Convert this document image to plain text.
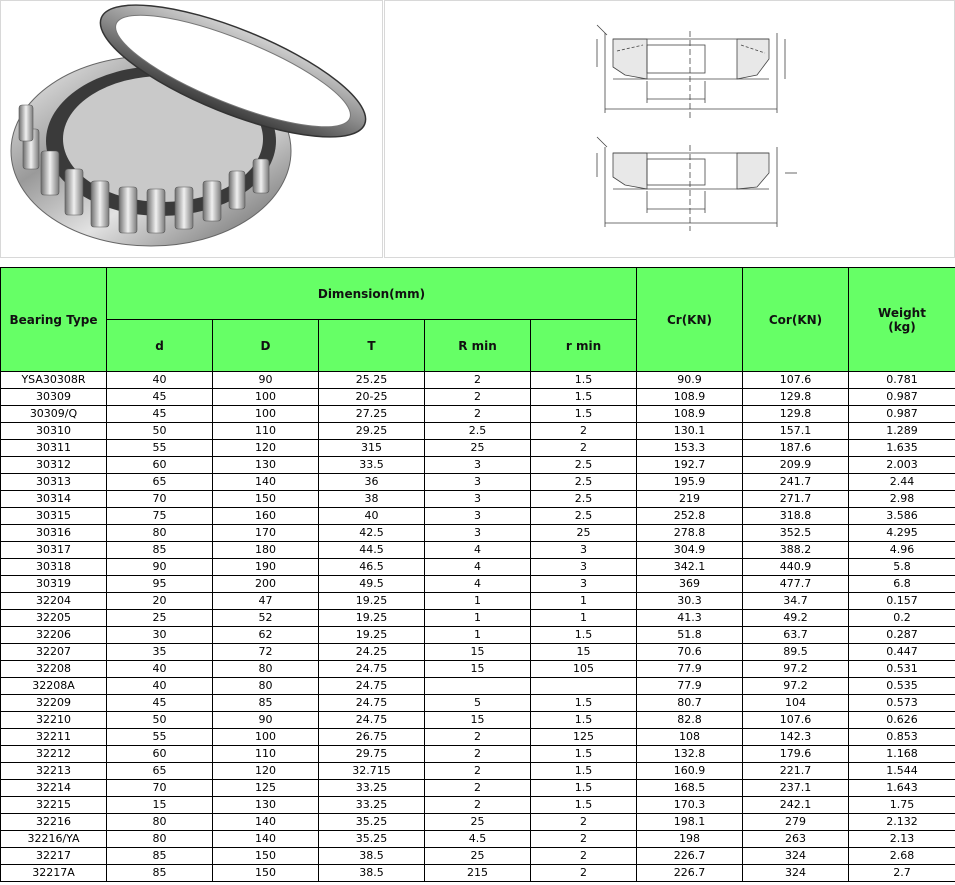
Bearing Type	Dimension(mm)					Cr(KN)	Cor(KN)	Weight
(kg)
	d	D	T	R min	r min			
YSA30308R	40	90	25.25	2	1.5	90.9	107.6	0.781
30309	45	100	20-25	2	1.5	108.9	129.8	0.987
30309/Q	45	100	27.25	2	1.5	108.9	129.8	0.987
30310	50	110	29.25	2.5	2	130.1	157.1	1.289
30311	55	120	315	25	2	153.3	187.6	1.635
30312	60	130	33.5	3	2.5	192.7	209.9	2.003
30313	65	140	36	3	2.5	195.9	241.7	2.44
30314	70	150	38	3	2.5	219	271.7	2.98
30315	75	160	40	3	2.5	252.8	318.8	3.586
30316	80	170	42.5	3	25	278.8	352.5	4.295
30317	85	180	44.5	4	3	304.9	388.2	4.96
30318	90	190	46.5	4	3	342.1	440.9	5.8
30319	95	200	49.5	4	3	369	477.7	6.8
32204	20	47	19.25	1	1	30.3	34.7	0.157
32205	25	52	19.25	1	1	41.3	49.2	0.2
32206	30	62	19.25	1	1.5	51.8	63.7	0.287
32207	35	72	24.25	15	15	70.6	89.5	0.447
32208	40	80	24.75	15	105	77.9	97.2	0.531
32208A	40	80	24.75			77.9	97.2	0.535
32209	45	85	24.75	5	1.5	80.7	104	0.573
32210	50	90	24.75	15	1.5	82.8	107.6	0.626
32211	55	100	26.75	2	125	108	142.3	0.853
32212	60	110	29.75	2	1.5	132.8	179.6	1.168
32213	65	120	32.715	2	1.5	160.9	221.7	1.544
32214	70	125	33.25	2	1.5	168.5	237.1	1.643
32215	15	130	33.25	2	1.5	170.3	242.1	1.75
32216	80	140	35.25	25	2	198.1	279	2.132
32216/YA	80	140	35.25	4.5	2	198	263	2.13
32217	85	150	38.5	25	2	226.7	324	2.68
32217A	85	150	38.5	215	2	226.7	324	2.7
